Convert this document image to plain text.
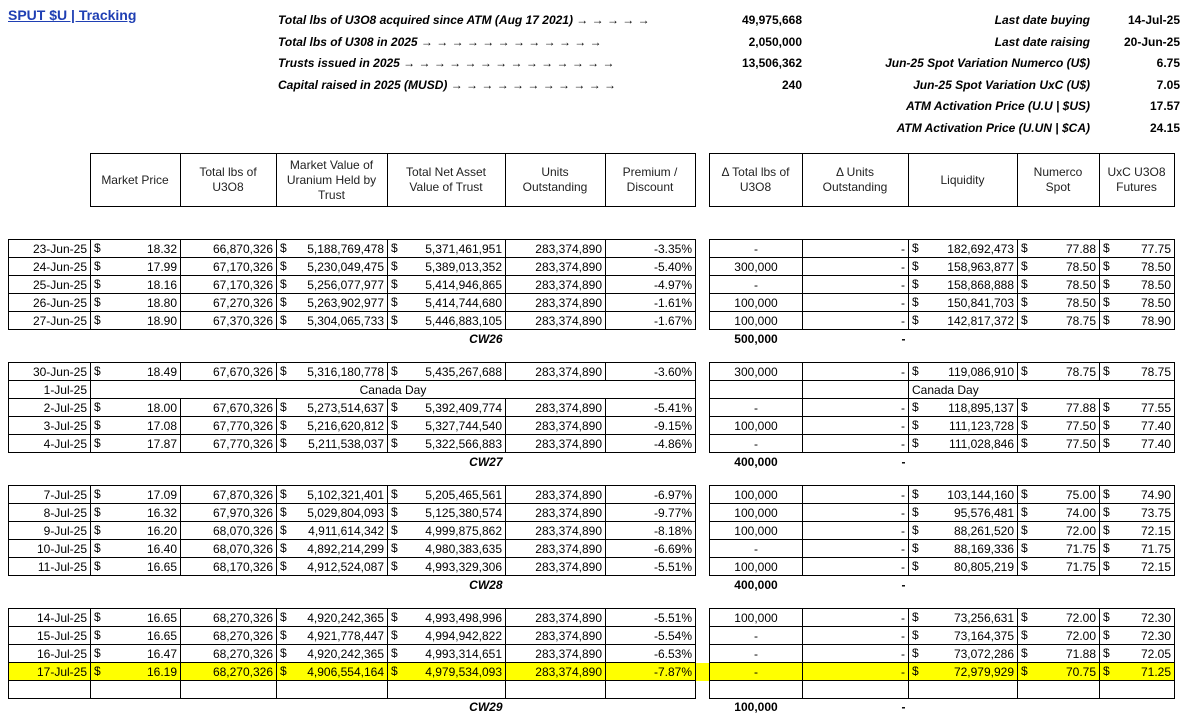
SPUT $U | Tracking	Total lbs of U3O8 acquired since ATM (Aug 17 2021) → → → → →	49,975,668
Total lbs of U308 in 2025 → → → → → → → → → → → →	2,050,000
Trusts issued in 2025 → → → → → → → → → → → → → →	13,506,362
Capital raised in 2025 (MUSD) → → → → → → → → → → →	240
Last date buying	14-Jul-25
Last date raising	20-Jun-25
Jun-25 Spot Variation Numerco (U$)	6.75
Jun-25 Spot Variation UxC (U$)	7.05
ATM Activation Price (U.U | $US)	17.57
ATM Activation Price (U.UN | $CA)	24.15
	Market Price	Total lbs of U3O8	Market Value of Uranium Held by Trust	Total Net Asset Value of Trust	Units Outstanding	Premium / Discount		Δ Total lbs of U3O8	Δ Units Outstanding	Liquidity	Numerco Spot	UxC U3O8 Futures

23-Jun-25	$ 18.32	66,870,326	$ 5,188,769,478	$ 5,371,461,951	283,374,890	-3.35%		-	-	$ 182,692,473	$ 77.88	$ 77.75
24-Jun-25	$ 17.99	67,170,326	$ 5,230,049,475	$ 5,389,013,352	283,374,890	-5.40%		300,000	-	$ 158,963,877	$ 78.50	$ 78.50
25-Jun-25	$ 18.16	67,170,326	$ 5,256,077,977	$ 5,414,946,865	283,374,890	-4.97%		-	-	$ 158,868,888	$ 78.50	$ 78.50
26-Jun-25	$ 18.80	67,270,326	$ 5,263,902,977	$ 5,414,744,680	283,374,890	-1.61%		100,000	-	$ 150,841,703	$ 78.50	$ 78.50
27-Jun-25	$ 18.90	67,370,326	$ 5,304,065,733	$ 5,446,883,105	283,374,890	-1.67%		100,000	-	$ 142,817,372	$ 78.75	$ 78.90
				CW26				500,000	-			

30-Jun-25	$ 18.49	67,670,326	$ 5,316,180,778	$ 5,435,267,688	283,374,890	-3.60%		300,000	-	$ 119,086,910	$ 78.75	$ 78.75
1-Jul-25	Canada Day									Canada Day		
2-Jul-25	$ 18.00	67,670,326	$ 5,273,514,637	$ 5,392,409,774	283,374,890	-5.41%		-	-	$ 118,895,137	$ 77.88	$ 77.55
3-Jul-25	$ 17.08	67,770,326	$ 5,216,620,812	$ 5,327,744,540	283,374,890	-9.15%		100,000	-	$ 111,123,728	$ 77.50	$ 77.40
4-Jul-25	$ 17.87	67,770,326	$ 5,211,538,037	$ 5,322,566,883	283,374,890	-4.86%		-	-	$ 111,028,846	$ 77.50	$ 77.40
				CW27				400,000	-			

7-Jul-25	$ 17.09	67,870,326	$ 5,102,321,401	$ 5,205,465,561	283,374,890	-6.97%		100,000	-	$ 103,144,160	$ 75.00	$ 74.90
8-Jul-25	$ 16.32	67,970,326	$ 5,029,804,093	$ 5,125,380,574	283,374,890	-9.77%		100,000	-	$ 95,576,481	$ 74.00	$ 73.75
9-Jul-25	$ 16.20	68,070,326	$ 4,911,614,342	$ 4,999,875,862	283,374,890	-8.18%		100,000	-	$ 88,261,520	$ 72.00	$ 72.15
10-Jul-25	$ 16.40	68,070,326	$ 4,892,214,299	$ 4,980,383,635	283,374,890	-6.69%		-	-	$ 88,169,336	$ 71.75	$ 71.75
11-Jul-25	$ 16.65	68,170,326	$ 4,912,524,087	$ 4,993,329,306	283,374,890	-5.51%		100,000	-	$ 80,805,219	$ 71.75	$ 72.15
				CW28				400,000	-			

14-Jul-25	$ 16.65	68,270,326	$ 4,920,242,365	$ 4,993,498,996	283,374,890	-5.51%		100,000	-	$ 73,256,631	$ 72.00	$ 72.30
15-Jul-25	$ 16.65	68,270,326	$ 4,921,778,447	$ 4,994,942,822	283,374,890	-5.54%		-	-	$ 73,164,375	$ 72.00	$ 72.30
16-Jul-25	$ 16.47	68,270,326	$ 4,920,242,365	$ 4,993,314,651	283,374,890	-6.53%		-	-	$ 73,072,286	$ 71.88	$ 72.05
17-Jul-25	$ 16.19	68,270,326	$ 4,906,554,164	$ 4,979,534,093	283,374,890	-7.87%		-	-	$ 72,979,929	$ 70.75	$ 71.25

				CW29				100,000	-			
